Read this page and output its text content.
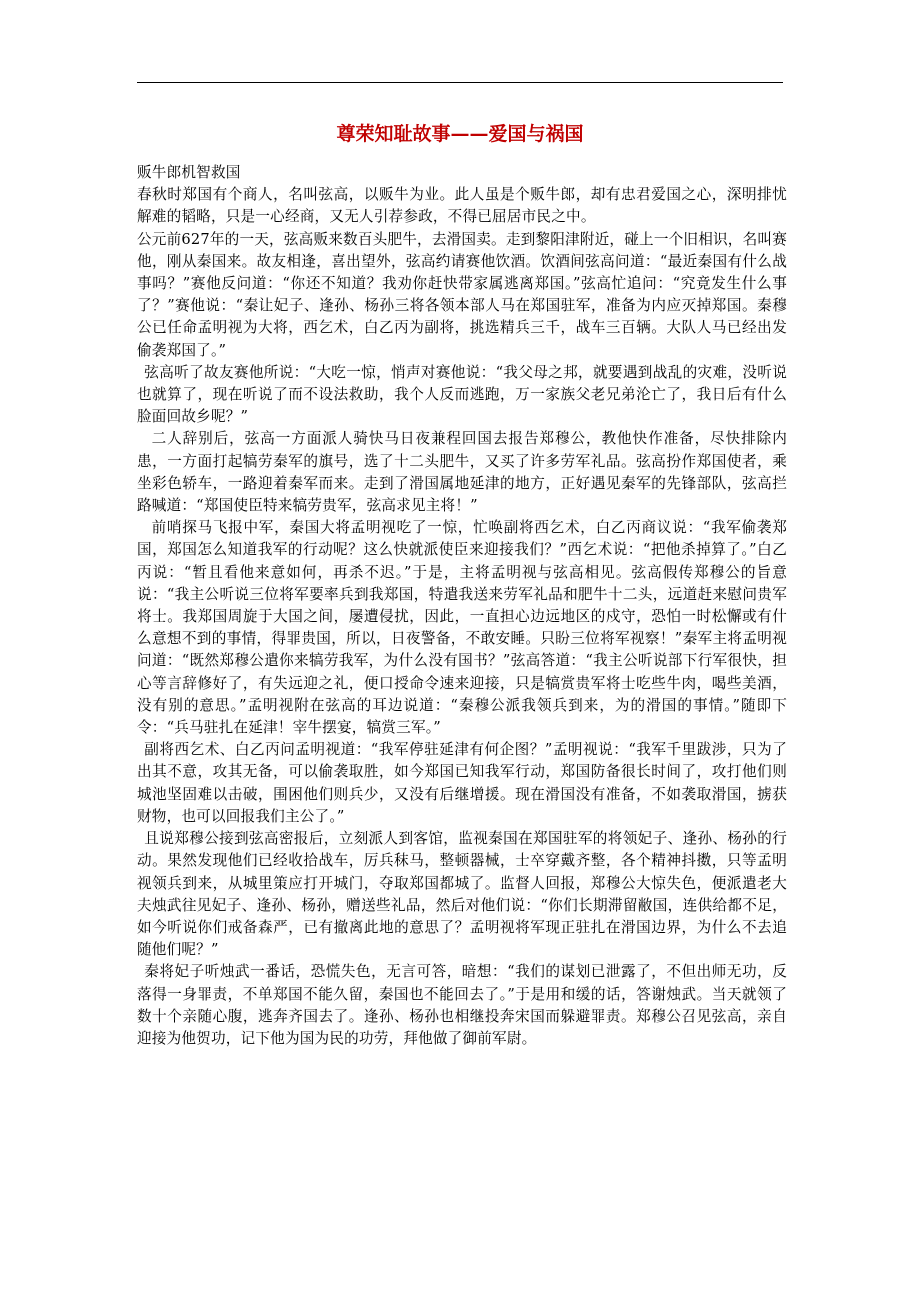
尊荣知耻故事——爱国与祸国

贩牛郎机智救国

春秋时郑国有个商人，名叫弦高，以贩牛为业。此人虽是个贩牛郎，却有忠君爱国之心，深明排忧解难的韬略，只是一心经商，又无人引荐参政，不得已屈居市民之中。

公元前627年的一天，弦高贩来数百头肥牛，去滑国卖。走到黎阳津附近，碰上一个旧相识，名叫赛他，刚从秦国来。故友相逢，喜出望外，弦高约请赛他饮酒。饮酒间弦高问道：“最近秦国有什么战事吗？”赛他反问道：“你还不知道？我劝你赶快带家属逃离郑国。”弦高忙追问：“究竟发生什么事了？”赛他说：“秦让妃子、逢孙、杨孙三将各领本部人马在郑国驻军，准备为内应灭掉郑国。秦穆公已任命孟明视为大将，西乞术，白乙丙为副将，挑选精兵三千，战车三百辆。大队人马已经出发偷袭郑国了。”

弦高听了故友赛他所说：“大吃一惊，悄声对赛他说：“我父母之邦，就要遇到战乱的灾难，没听说也就算了，现在听说了而不设法救助，我个人反而逃跑，万一家族父老兄弟沦亡了，我日后有什么脸面回故乡呢？”

二人辞别后，弦高一方面派人骑快马日夜兼程回国去报告郑穆公，教他快作准备，尽快排除内患，一方面打起犒劳秦军的旗号，选了十二头肥牛，又买了许多劳军礼品。弦高扮作郑国使者，乘坐彩色轿车，一路迎着秦军而来。走到了滑国属地延津的地方，正好遇见秦军的先锋部队，弦高拦路喊道：“郑国使臣特来犒劳贵军，弦高求见主将！”

前哨探马飞报中军，秦国大将孟明视吃了一惊，忙唤副将西乞术，白乙丙商议说：“我军偷袭郑国，郑国怎么知道我军的行动呢？这么快就派使臣来迎接我们？”西乞术说：“把他杀掉算了。”白乙丙说：“暂且看他来意如何，再杀不迟。”于是，主将孟明视与弦高相见。弦高假传郑穆公的旨意说：“我主公听说三位将军要率兵到我郑国，特遣我送来劳军礼品和肥牛十二头，远道赶来慰问贵军将士。我郑国周旋于大国之间，屡遭侵扰，因此，一直担心边远地区的戍守，恐怕一时松懈或有什么意想不到的事情，得罪贵国，所以，日夜警备，不敢安睡。只盼三位将军视察！”秦军主将孟明视问道：“既然郑穆公遣你来犒劳我军，为什么没有国书？”弦高答道：“我主公听说部下行军很快，担心等言辞修好了，有失远迎之礼，便口授命令速来迎接，只是犒赏贵军将士吃些牛肉，喝些美酒，没有别的意思。”孟明视附在弦高的耳边说道：“秦穆公派我领兵到来，为的滑国的事情。”随即下令：“兵马驻扎在延津！宰牛摆宴，犒赏三军。”

副将西乞术、白乙丙问孟明视道：“我军停驻延津有何企图？”孟明视说：“我军千里跋涉，只为了出其不意，攻其无备，可以偷袭取胜，如今郑国已知我军行动，郑国防备很长时间了，攻打他们则城池坚固难以击破，围困他们则兵少，又没有后继增援。现在滑国没有准备，不如袭取滑国，掳获财物，也可以回报我们主公了。”

且说郑穆公接到弦高密报后，立刻派人到客馆，监视秦国在郑国驻军的将领妃子、逢孙、杨孙的行动。果然发现他们已经收拾战车，厉兵秣马，整顿器械，士卒穿戴齐整，各个精神抖擞，只等孟明视领兵到来，从城里策应打开城门，夺取郑国都城了。监督人回报，郑穆公大惊失色，便派遣老大夫烛武往见妃子、逢孙、杨孙，赠送些礼品，然后对他们说：“你们长期滞留敝国，连供给都不足，如今听说你们戒备森严，已有撤离此地的意思了？孟明视将军现正驻扎在滑国边界，为什么不去追随他们呢？”

秦将妃子听烛武一番话，恐慌失色，无言可答，暗想：“我们的谋划已泄露了，不但出师无功，反落得一身罪责，不单郑国不能久留，秦国也不能回去了。”于是用和缓的话，答谢烛武。当天就领了数十个亲随心腹，逃奔齐国去了。逢孙、杨孙也相继投奔宋国而躲避罪责。郑穆公召见弦高，亲自迎接为他贺功，记下他为国为民的功劳，拜他做了御前军尉。
